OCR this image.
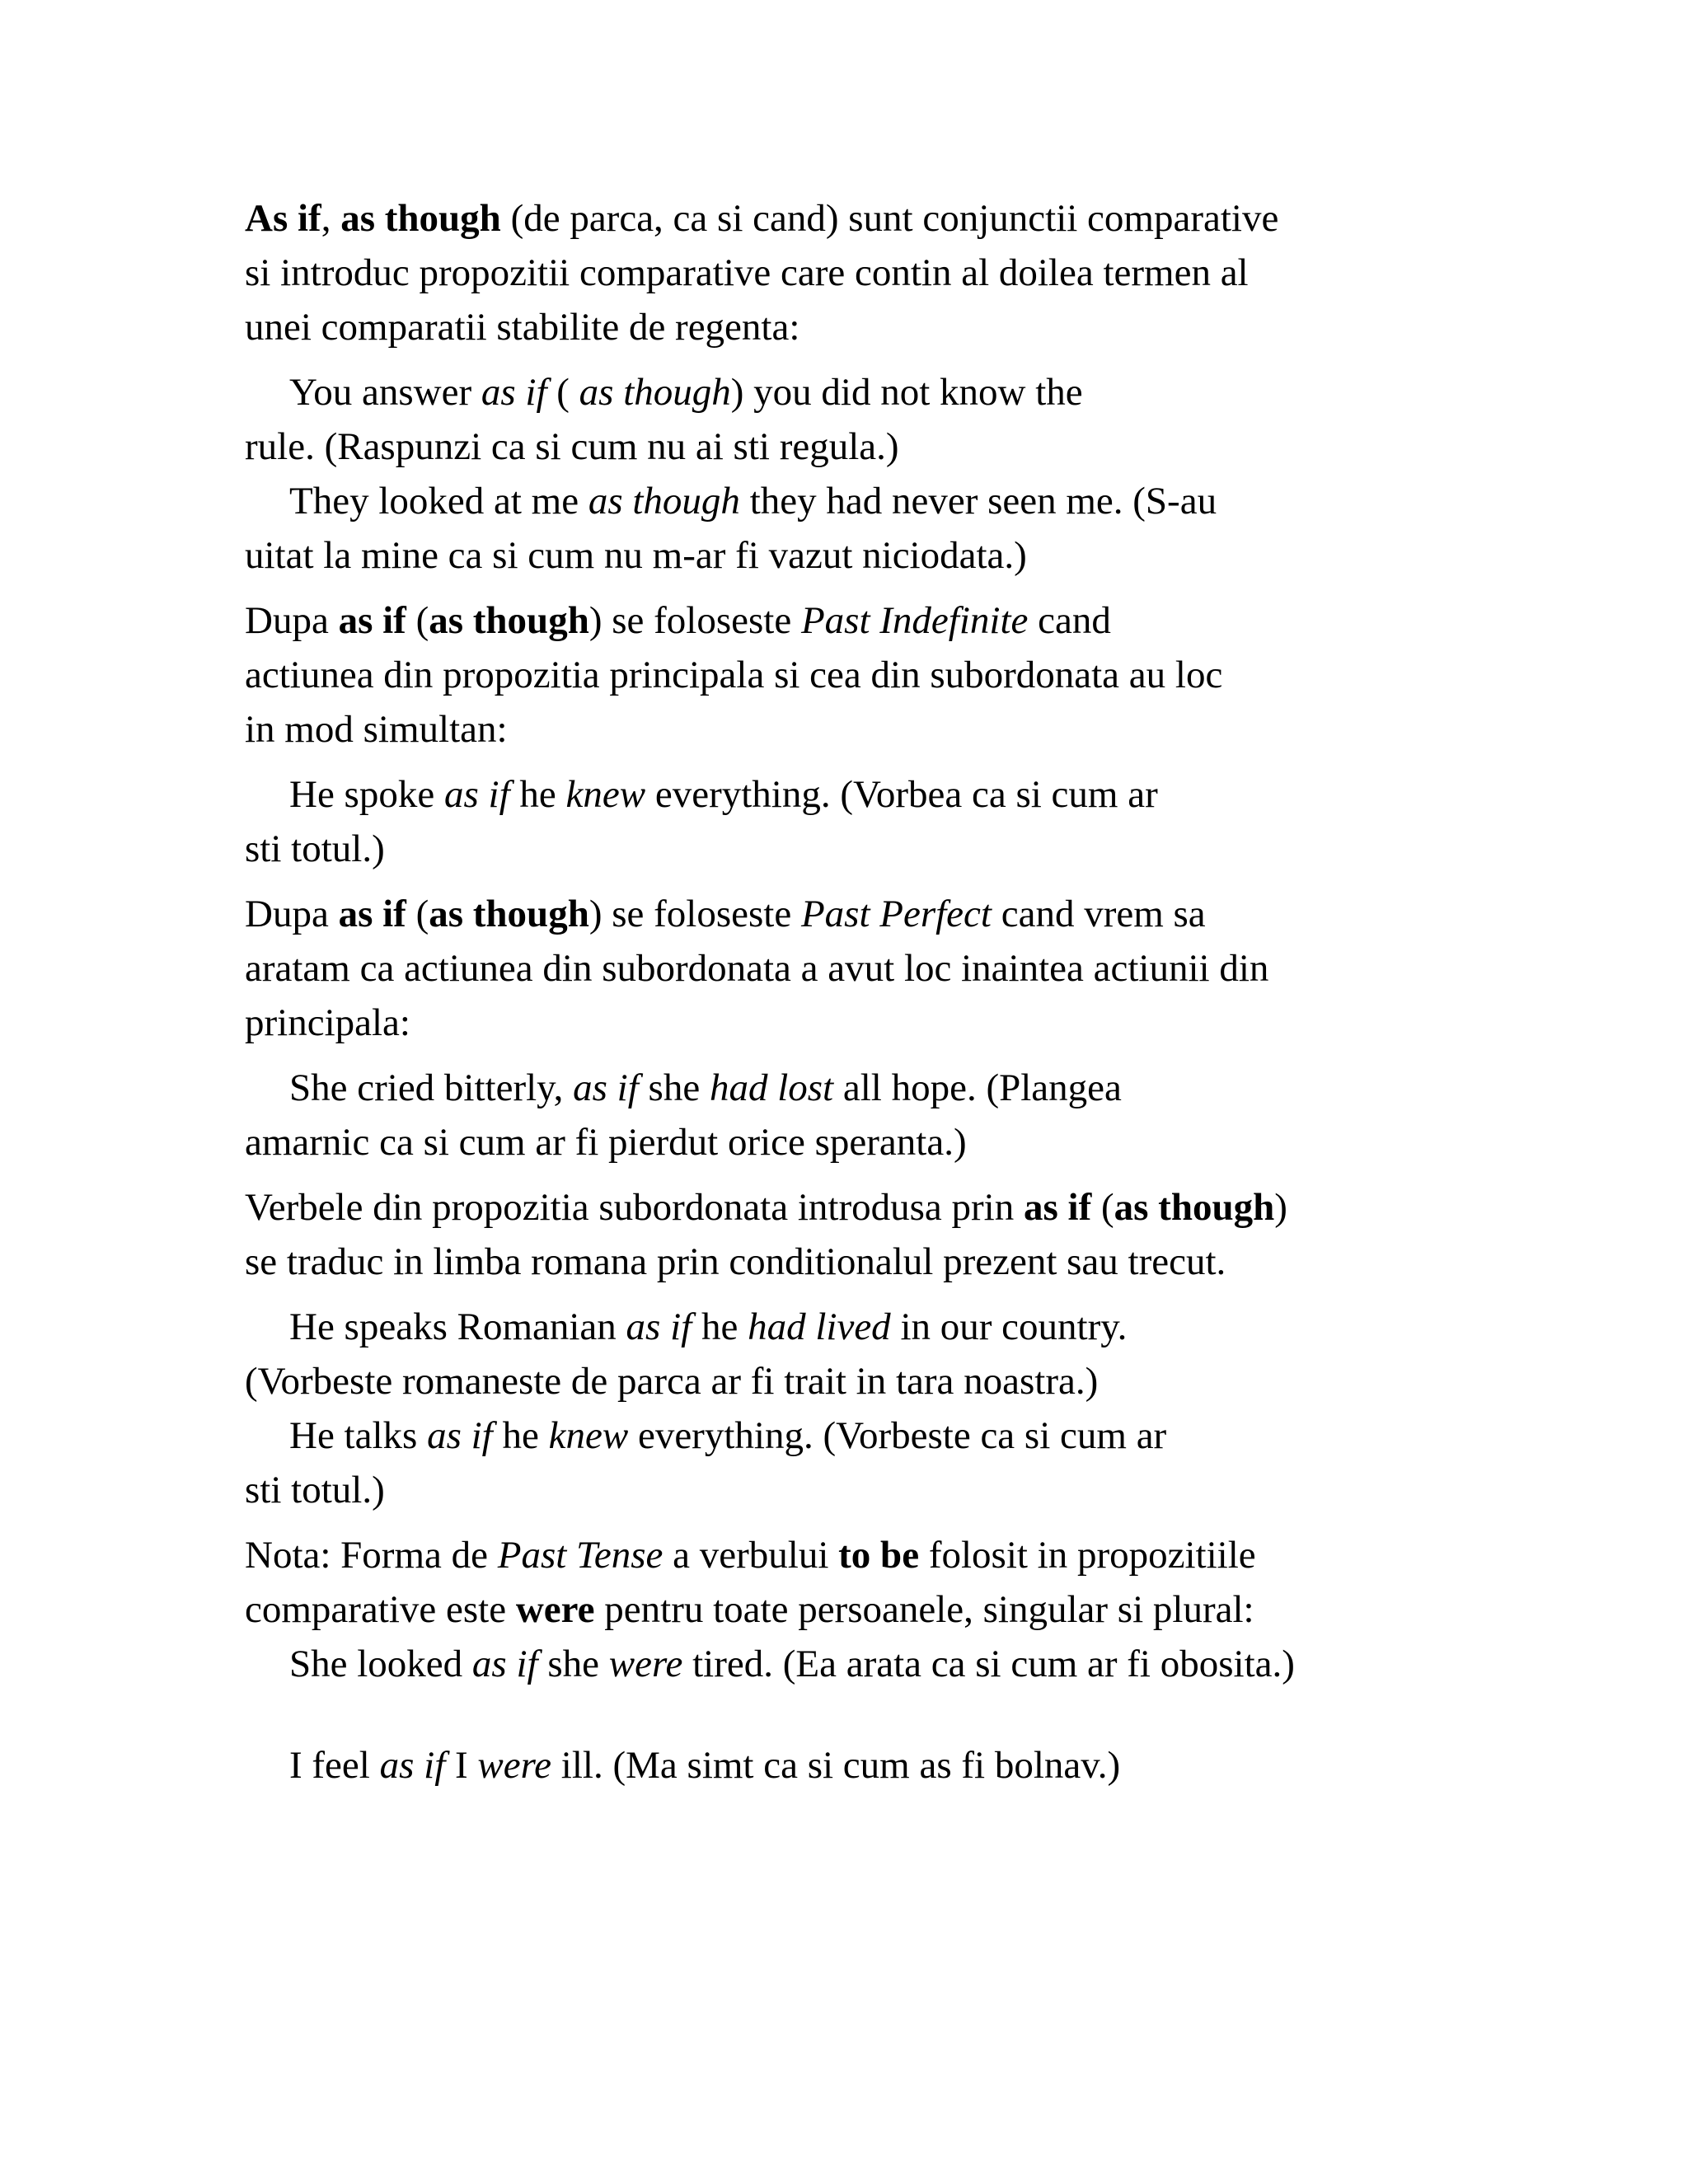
As if, as though (de parca, ca si cand) sunt conjunctii comparative
si introduc propozitii comparative care contin al doilea termen al
unei comparatii stabilite de regenta:
You answer as if ( as though) you did not know the
rule. (Raspunzi ca si cum nu ai sti regula.)
They looked at me as though they had never seen me. (S-au
uitat la mine ca si cum nu m-ar fi vazut niciodata.)
Dupa as if (as though) se foloseste Past Indefinite cand
actiunea din propozitia principala si cea din subordonata au loc
in mod simultan:
He spoke as if he knew everything. (Vorbea ca si cum ar
sti totul.)
Dupa as if (as though) se foloseste Past Perfect cand vrem sa
aratam ca actiunea din subordonata a avut loc inaintea actiunii din
principala:
She cried bitterly, as if she had lost all hope. (Plangea
amarnic ca si cum ar fi pierdut orice speranta.)
Verbele din propozitia subordonata introdusa prin as if (as though)
se traduc in limba romana prin conditionalul prezent sau trecut.
He speaks Romanian as if he had lived in our country.
(Vorbeste romaneste de parca ar fi trait in tara noastra.)
He talks as if he knew everything. (Vorbeste ca si cum ar
sti totul.)
Nota: Forma de Past Tense a verbului to be folosit in propozitiile
comparative este were pentru toate persoanele, singular si plural:
She looked as if she were tired. (Ea arata ca si cum ar fi obosita.)
I feel as if I were ill. (Ma simt ca si cum as fi bolnav.)
